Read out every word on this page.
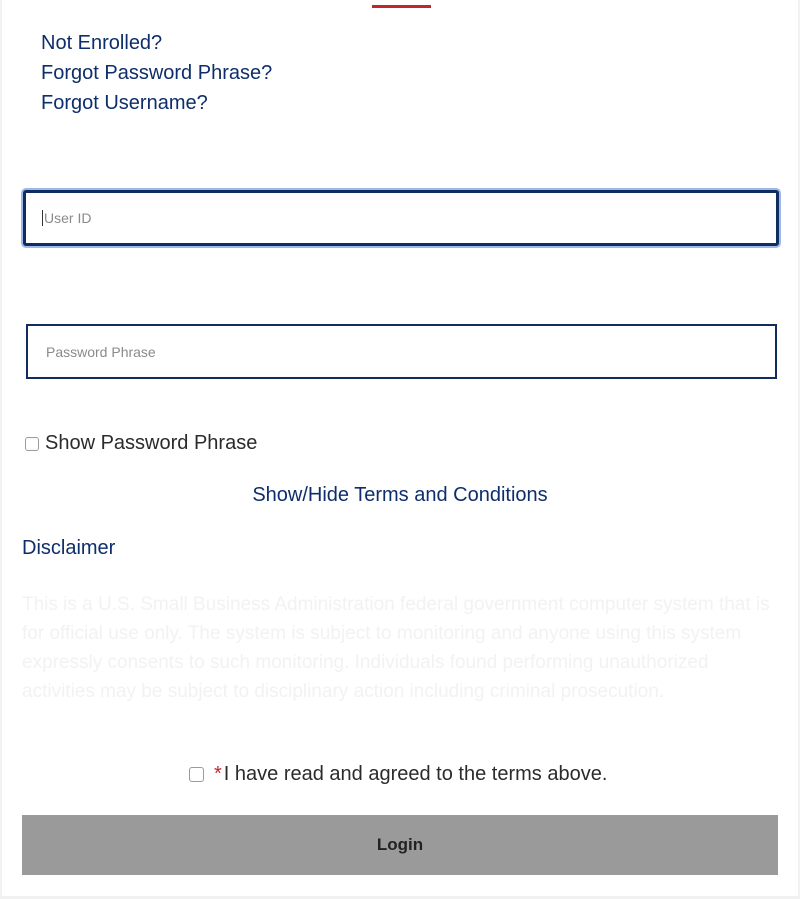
Not Enrolled?
Forgot Password Phrase?
Forgot Username?
User ID
Show Password Phrase
Show/Hide Terms and Conditions
Disclaimer
This is a U.S. Small Business Administration federal government computer system that is for official use only. The system is subject to monitoring and anyone using this system expressly consents to such monitoring. Individuals found performing unauthorized activities may be subject to disciplinary action including criminal prosecution.
* I have read and agreed to the terms above.
Login
